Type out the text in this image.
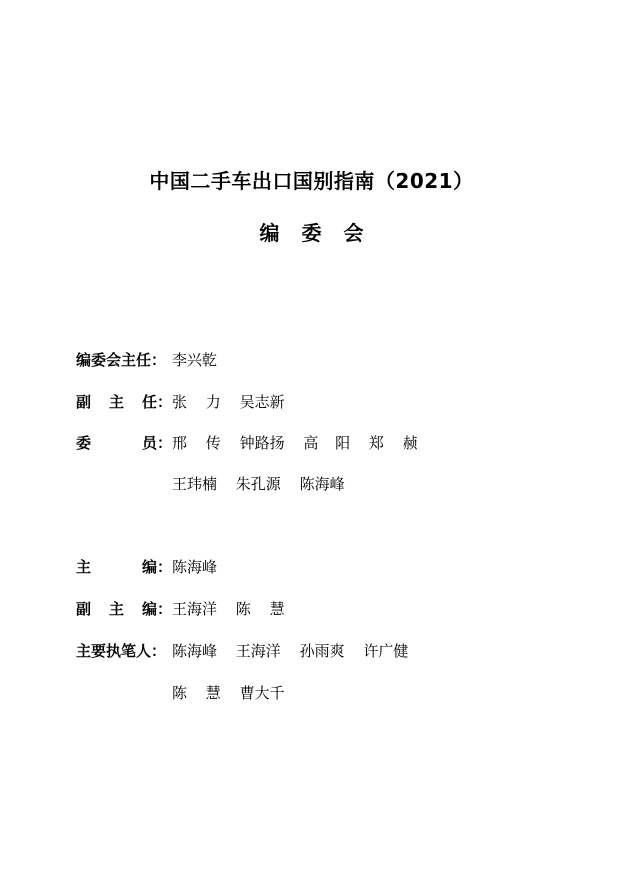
中国二手车出口国别指南（2021）
编 委 会
编委会主任： 李兴乾
副 主 任： 张 力 吴志新
委	员： 邢 传 钟路扬 高 阳 郑 赪
王玮楠 朱孔源 陈海峰
主	编： 陈海峰
副 主 编： 王海洋 陈 慧
主要执笔人： 陈海峰 王海洋 孙雨爽 许广健
陈 慧 曹大千
